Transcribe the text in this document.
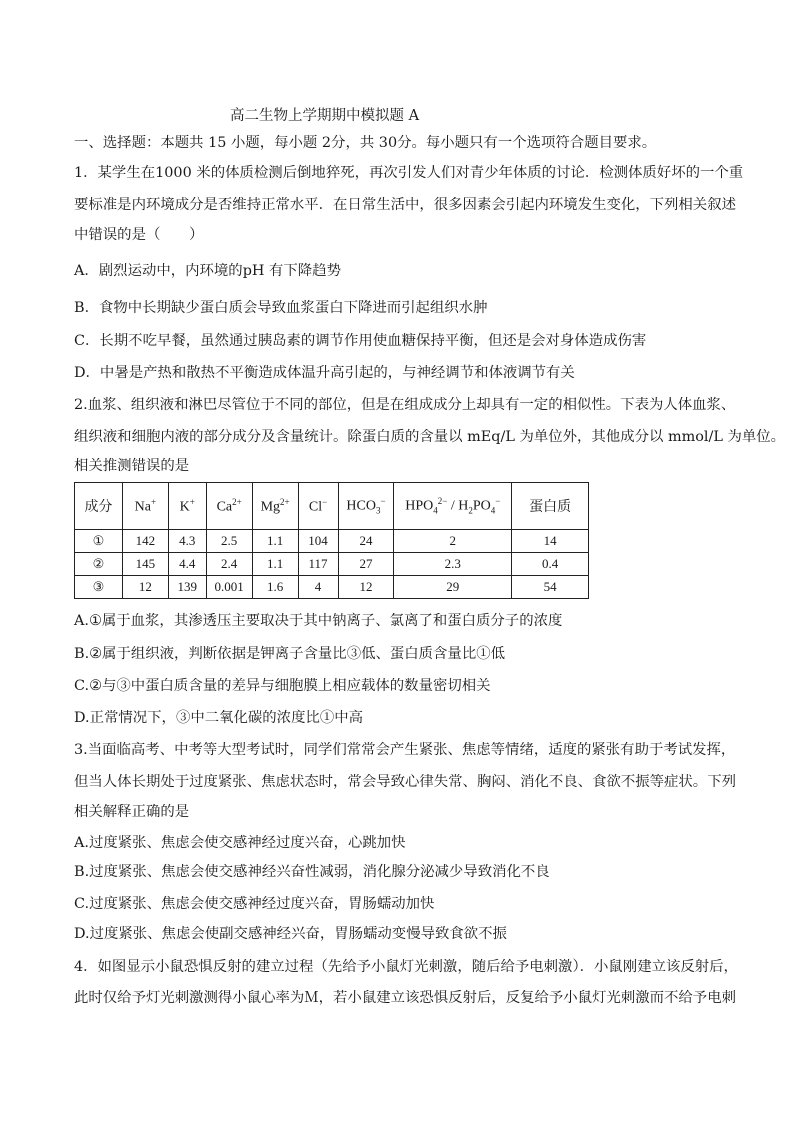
高二生物上学期期中模拟题 A
一、选择题：本题共 15 小题，每小题 2分，共 30分。每小题只有一个选项符合题目要求。
1．某学生在1000 米的体质检测后倒地猝死，再次引发人们对青少年体质的讨论．检测体质好坏的一个重
要标准是内环境成分是否维持正常水平．在日常生活中，很多因素会引起内环境发生变化，下列相关叙述
中错误的是（　　）
A．剧烈运动中，内环境的pH 有下降趋势
B．食物中长期缺少蛋白质会导致血浆蛋白下降进而引起组织水肿
C．长期不吃早餐，虽然通过胰岛素的调节作用使血糖保持平衡，但还是会对身体造成伤害
D．中暑是产热和散热不平衡造成体温升高引起的，与神经调节和体液调节有关
2.血浆、组织液和淋巴尽管位于不同的部位，但是在组成成分上却具有一定的相似性。下表为人体血浆、
组织液和细胞内液的部分成分及含量统计。除蛋白质的含量以 mEq/L 为单位外，其他成分以 mmol/L 为单位。
相关推测错误的是
成分	Na+	K+	$Ca^{2+}$	$Mg^{2+}$	Cl−	$HCO_3^-$	$HPO_4^{2-} / H_2PO_4^-$	蛋白质
①	142	4.3	2.5	1.1	104	24	2	14
②	145	4.4	2.4	1.1	117	27	2.3	0.4
③	12	139	0.001	1.6	4	12	29	54
A.①属于血浆，其渗透压主要取决于其中钠离子、氯离了和蛋白质分子的浓度
B.②属于组织液，判断依据是钾离子含量比③低、蛋白质含量比①低
C.②与③中蛋白质含量的差异与细胞膜上相应载体的数量密切相关
D.正常情况下，③中二氧化碳的浓度比①中高
3.当面临高考、中考等大型考试时，同学们常常会产生紧张、焦虑等情绪，适度的紧张有助于考试发挥，
但当人体长期处于过度紧张、焦虑状态时，常会导致心律失常、胸闷、消化不良、食欲不振等症状。下列
相关解释正确的是
A.过度紧张、焦虑会使交感神经过度兴奋，心跳加快
B.过度紧张、焦虑会使交感神经兴奋性减弱，消化腺分泌减少导致消化不良
C.过度紧张、焦虑会使交感神经过度兴奋，胃肠蠕动加快
D.过度紧张、焦虑会使副交感神经兴奋，胃肠蠕动变慢导致食欲不振
4．如图显示小鼠恐惧反射的建立过程（先给予小鼠灯光刺激，随后给予电刺激）．小鼠刚建立该反射后，
此时仅给予灯光刺激测得小鼠心率为Ｍ，若小鼠建立该恐惧反射后，反复给予小鼠灯光刺激而不给予电刺
